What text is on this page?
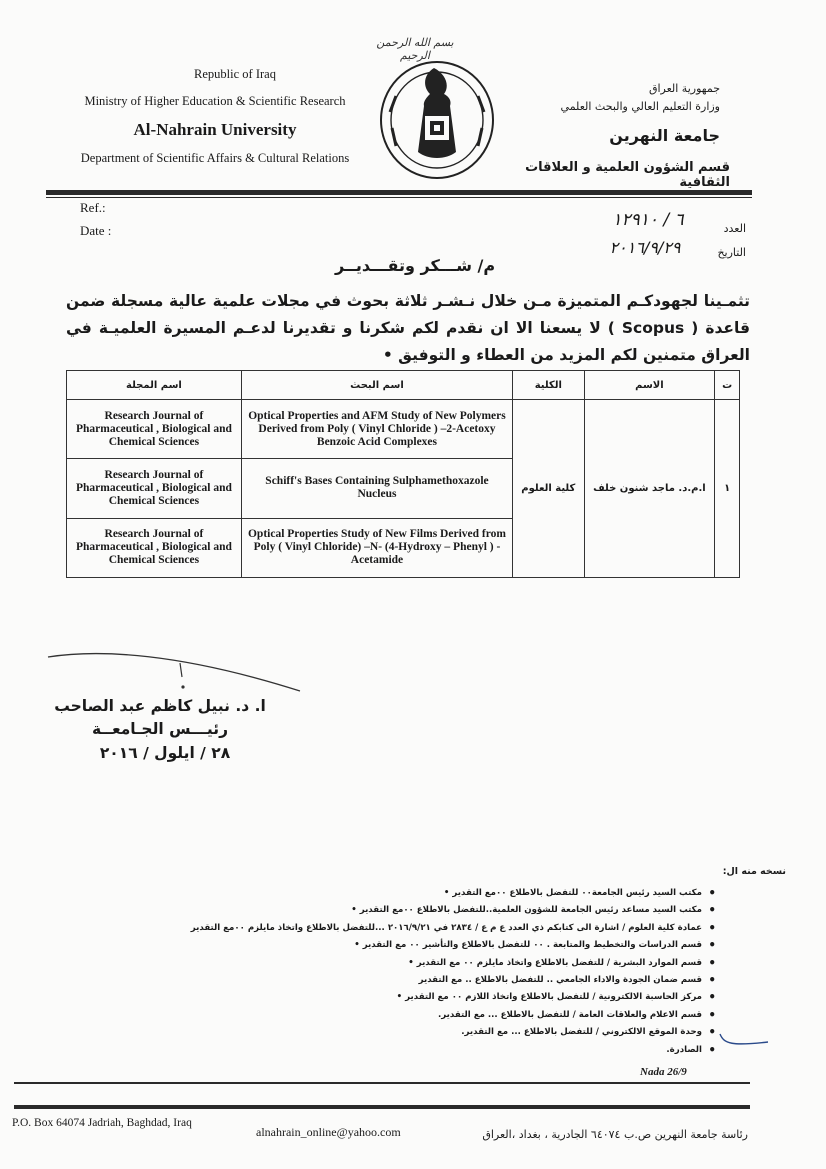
بسم الله الرحمن الرحيم
Republic of Iraq
Ministry of Higher Education & Scientific Research
Al-Nahrain University
Department of Scientific Affairs & Cultural Relations
جمهورية العراق
وزارة التعليم العالي والبحث العلمي
جامعة النهرين
قسم الشؤون العلمية و العلاقات الثقافية
Ref.:
Date :	العدد
٦ / ١٢٩١٠
التاريخ
٢٠١٦/٩/٢٩
م/ شـــكر وتقـــديــر
تثمـينا لجهودكـم المتميزة مـن خلال نـشـر ثلاثة بحوث في مجلات علمية عالية مسجلة ضمن قاعدة ( Scopus ) لا يسعنا الا ان نقدم لكم شكرنا و تقديرنا لدعـم المسيرة العلميـة في العراق متمنين لكم المزيد من العطاء و التوفيق •
اسم المجلة	اسم البحث	الكلية	الاسم	ت
Research Journal of Pharmaceutical , Biological and Chemical Sciences	Optical Properties and AFM Study of New Polymers Derived from Poly ( Vinyl Chloride ) –2-Acetoxy Benzoic Acid Complexes	كلية العلوم	ا.م.د. ماجد شنون خلف	١
Research Journal of Pharmaceutical , Biological and Chemical Sciences	Schiff's Bases Containing Sulphamethoxazole Nucleus			
Research Journal of Pharmaceutical , Biological and Chemical Sciences	Optical Properties Study of New Films Derived from Poly ( Vinyl Chloride) –N- (4-Hydroxy – Phenyl ) - Acetamide			
ا. د. نبيل كاظم عبد الصاحب
رئيـــس الجـامعــة
٢٨ / ايلول / ٢٠١٦
نسخه منه ال:
• مكتب السيد رئيس الجامعة٠٠ للتفضل بالاطلاع ٠٠مع التقدير •
• مكتب السيد مساعد رئيس الجامعة للشؤون العلمية..للتفضل بالاطلاع ٠٠مع التقدير •
• عمادة كلية العلوم / اشارة الى كتابكم ذي العدد ع م ع / ٢٨٣٤ في ٢٠١٦/٩/٢١ ...للتفضل بالاطلاع واتخاذ مايلزم ٠٠مع التقدير
• قسم الدراسات والتخطيط والمتابعة . ٠٠ للتفضل بالاطلاع والتأشير ٠٠ مع التقدير •
• قسم الموارد البشرية / للتفضل بالاطلاع واتخاذ مايلزم ٠٠ مع التقدير •
• قسم ضمان الجودة والاداء الجامعي .. للتفضل بالاطلاع .. مع التقدير
• مركز الحاسبة الالكترونية / للتفضل بالاطلاع واتخاذ اللازم ٠٠ مع التقدير •
• قسم الاعلام والعلاقات العامة / للتفضل بالاطلاع ... مع التقدير.
• وحدة الموقع الالكتروني / للتفضل بالاطلاع ... مع التقدير.
• الصادرة.
Nada 26/9
P.O. Box 64074 Jadriah, Baghdad, Iraq
alnahrain_online@yahoo.com	رئاسة جامعة النهرين ص.ب ٦٤٠٧٤ الجادرية ، بغداد ،العراق
